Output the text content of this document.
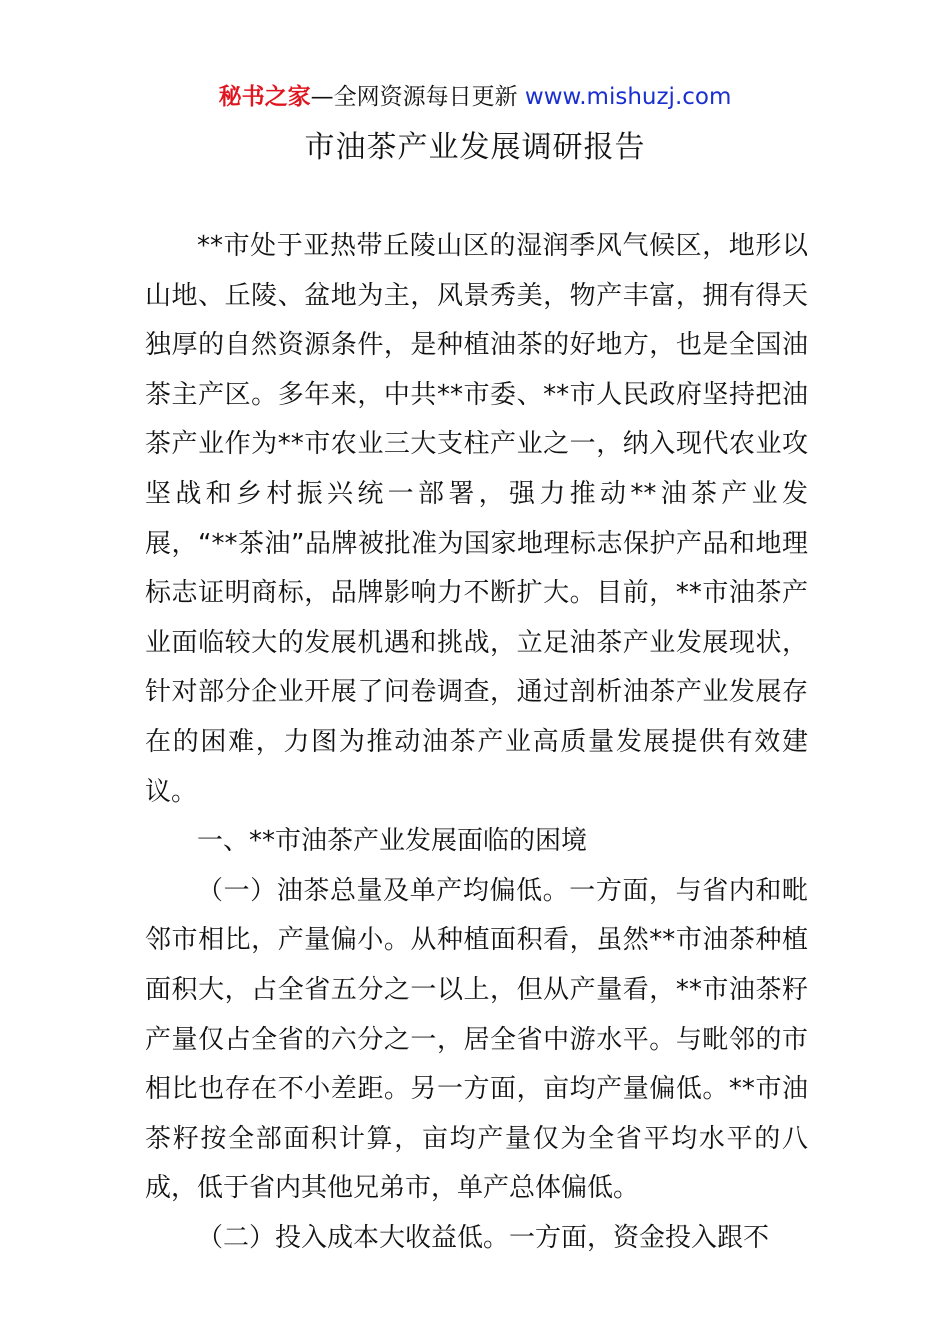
秘书之家—全网资源每日更新 www.mishuzj.com
市油茶产业发展调研报告

**市处于亚热带丘陵山区的湿润季风气候区，地形以山地、丘陵、盆地为主，风景秀美，物产丰富，拥有得天独厚的自然资源条件，是种植油茶的好地方，也是全国油茶主产区。多年来，中共**市委、**市人民政府坚持把油茶产业作为**市农业三大支柱产业之一，纳入现代农业攻坚战和乡村振兴统一部署，强力推动**油茶产业发展，“**茶油”品牌被批准为国家地理标志保护产品和地理标志证明商标，品牌影响力不断扩大。目前，**市油茶产业面临较大的发展机遇和挑战，立足油茶产业发展现状，针对部分企业开展了问卷调查，通过剖析油茶产业发展存在的困难，力图为推动油茶产业高质量发展提供有效建议。

一、**市油茶产业发展面临的困境

（一）油茶总量及单产均偏低。一方面，与省内和毗邻市相比，产量偏小。从种植面积看，虽然**市油茶种植面积大，占全省五分之一以上，但从产量看，**市油茶籽产量仅占全省的六分之一，居全省中游水平。与毗邻的市相比也存在不小差距。另一方面，亩均产量偏低。**市油茶籽按全部面积计算，亩均产量仅为全省平均水平的八成，低于省内其他兄弟市，单产总体偏低。

（二）投入成本大收益低。一方面，资金投入跟不
